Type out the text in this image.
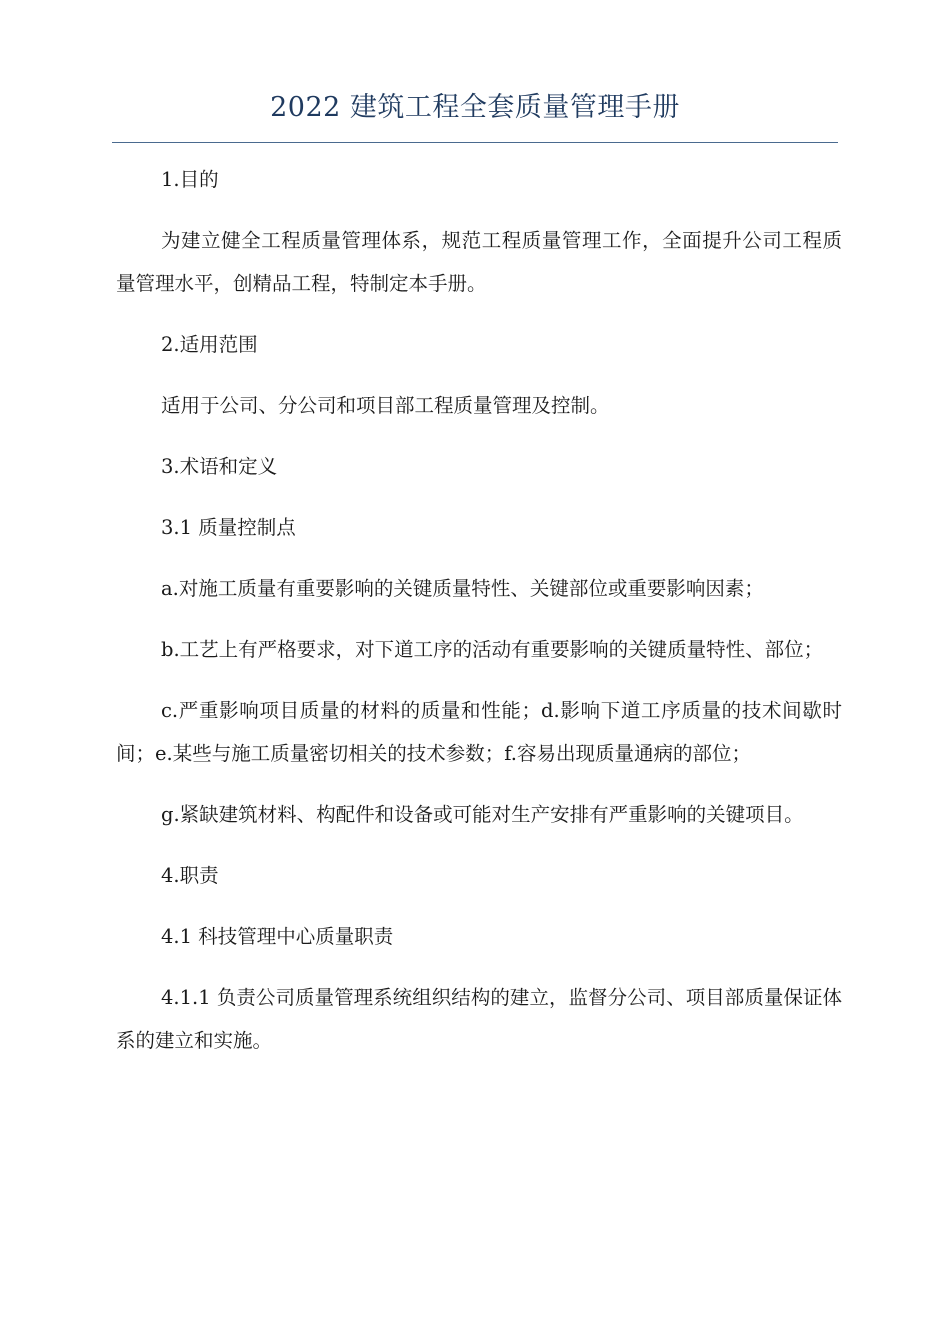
2022 建筑工程全套质量管理手册

1.目的

为建立健全工程质量管理体系，规范工程质量管理工作，全面提升公司工程质量管理水平，创精品工程，特制定本手册。

2.适用范围

适用于公司、分公司和项目部工程质量管理及控制。

3.术语和定义

3.1 质量控制点

a.对施工质量有重要影响的关键质量特性、关键部位或重要影响因素；

b.工艺上有严格要求，对下道工序的活动有重要影响的关键质量特性、部位；

c.严重影响项目质量的材料的质量和性能；d.影响下道工序质量的技术间歇时间；e.某些与施工质量密切相关的技术参数；f.容易出现质量通病的部位；

g.紧缺建筑材料、构配件和设备或可能对生产安排有严重影响的关键项目。

4.职责

4.1 科技管理中心质量职责

4.1.1 负责公司质量管理系统组织结构的建立，监督分公司、项目部质量保证体系的建立和实施。
